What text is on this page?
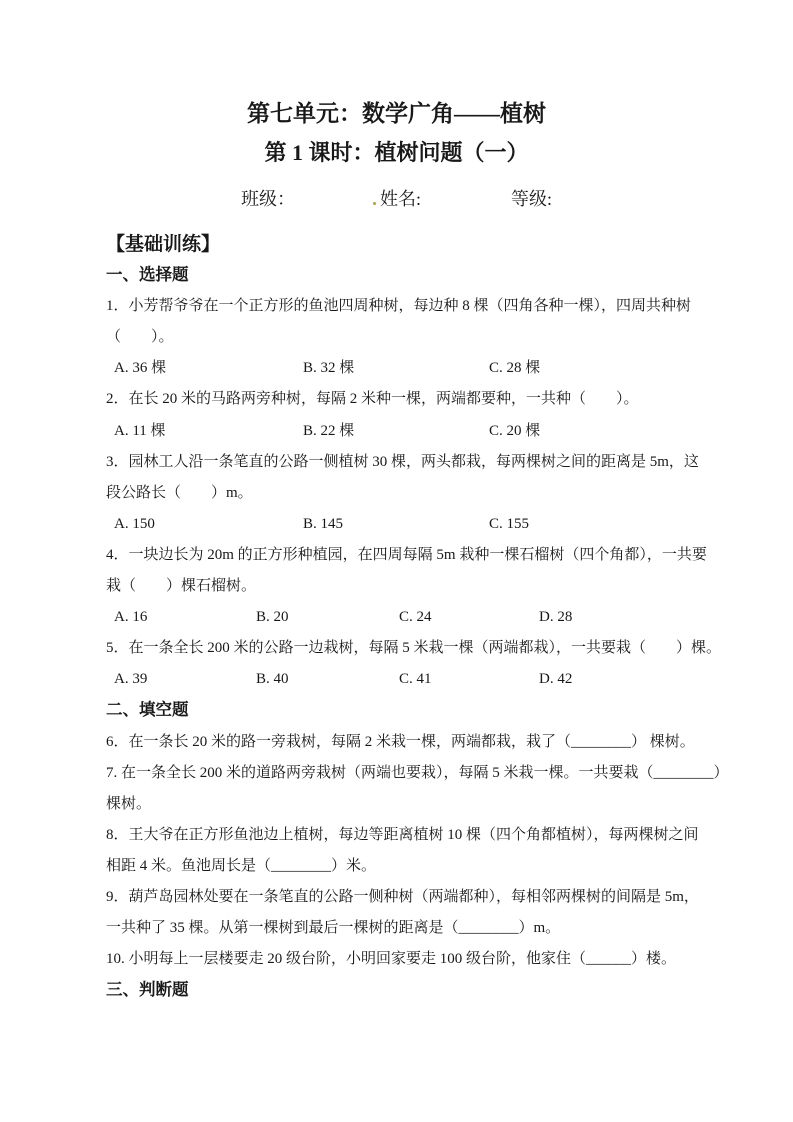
第七单元：数学广角——植树
第 1 课时：植树问题（一）
班级：	姓名:	等级:
【基础训练】
一、选择题
1．小芳帮爷爷在一个正方形的鱼池四周种树，每边种 8 棵（四角各种一棵），四周共种树
（　　）。
A. 36 棵	B. 32 棵	C. 28 棵
2．在长 20 米的马路两旁种树，每隔 2 米种一棵，两端都要种，一共种（　　）。
A. 11 棵	B. 22 棵	C. 20 棵
3．园林工人沿一条笔直的公路一侧植树 30 棵，两头都栽，每两棵树之间的距离是 5m，这
段公路长（　　）m。
A. 150	B. 145	C. 155
4．一块边长为 20m 的正方形种植园，在四周每隔 5m 栽种一棵石榴树（四个角都），一共要
栽（　　）棵石榴树。
A. 16	B. 20	C. 24	D. 28
5．在一条全长 200 米的公路一边栽树，每隔 5 米栽一棵（两端都栽），一共要栽（　　）棵。
A. 39	B. 40	C. 41	D. 42
二、填空题
6．在一条长 20 米的路一旁栽树，每隔 2 米栽一棵，两端都栽，栽了（________） 棵树。
7. 在一条全长 200 米的道路两旁栽树（两端也要栽），每隔 5 米栽一棵。一共要栽（________）
棵树。
8．王大爷在正方形鱼池边上植树，每边等距离植树 10 棵（四个角都植树），每两棵树之间
相距 4 米。鱼池周长是（________）米。
9．葫芦岛园林处要在一条笔直的公路一侧种树（两端都种），每相邻两棵树的间隔是 5m，
一共种了 35 棵。从第一棵树到最后一棵树的距离是（________）m。
10. 小明每上一层楼要走 20 级台阶，小明回家要走 100 级台阶，他家住（______）楼。
三、判断题
